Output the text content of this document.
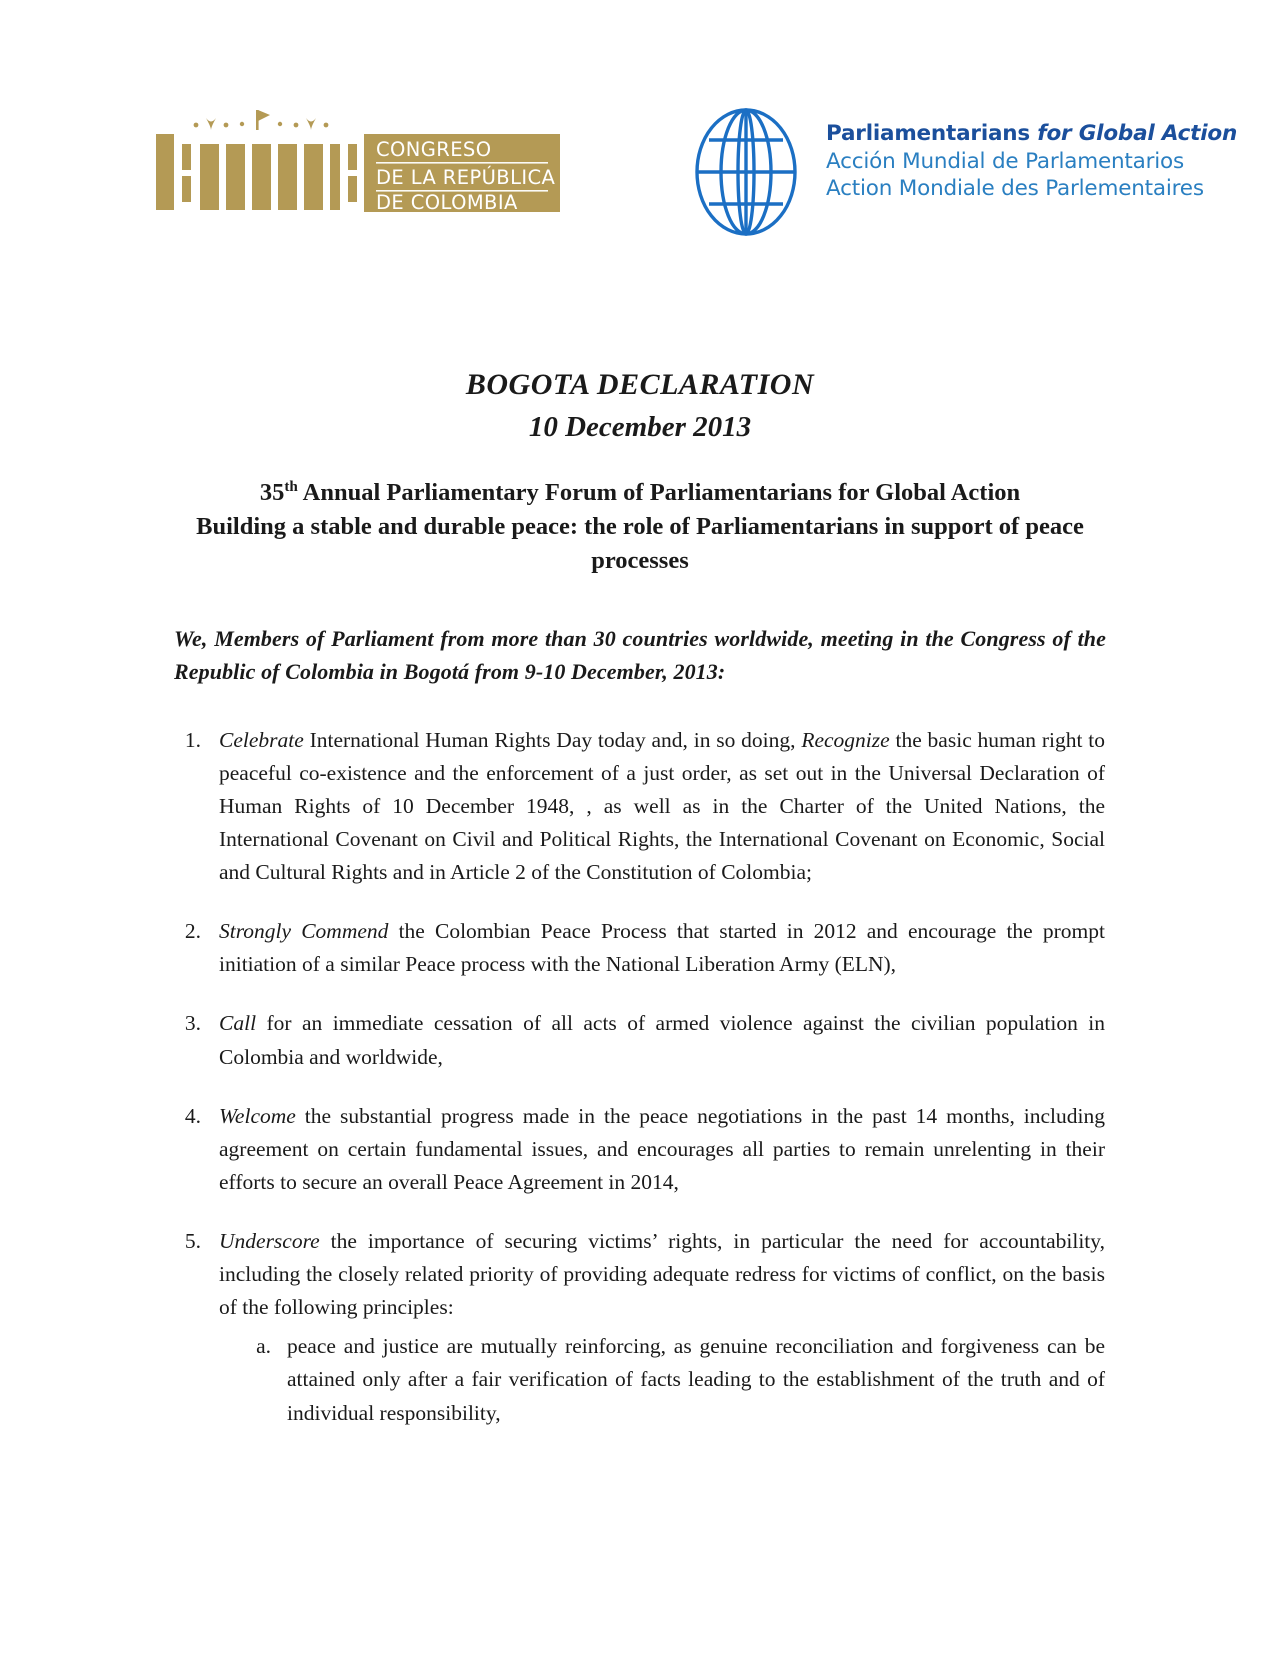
CONGRESO
DE LA REPÚBLICA
DE COLOMBIA
Parliamentarians for Global Action
Acción Mundial de Parlamentarios
Action Mondiale des Parlementaires
BOGOTA DECLARATION
10 December 2013
35th Annual Parliamentary Forum of Parliamentarians for Global Action
Building a stable and durable peace: the role of Parliamentarians in support of peace processes

We, Members of Parliament from more than 30 countries worldwide, meeting in the Congress of the Republic of Colombia in Bogotá from 9-10 December, 2013:

1. Celebrate International Human Rights Day today and, in so doing, Recognize the basic human right to peaceful co-existence and the enforcement of a just order, as set out in the Universal Declaration of Human Rights of 10 December 1948, , as well as in the Charter of the United Nations, the International Covenant on Civil and Political Rights, the International Covenant on Economic, Social and Cultural Rights and in Article 2 of the Constitution of Colombia;
2. Strongly Commend the Colombian Peace Process that started in 2012 and encourage the prompt initiation of a similar Peace process with the National Liberation Army (ELN),
3. Call for an immediate cessation of all acts of armed violence against the civilian population in Colombia and worldwide,
4. Welcome the substantial progress made in the peace negotiations in the past 14 months, including agreement on certain fundamental issues, and encourages all parties to remain unrelenting in their efforts to secure an overall Peace Agreement in 2014,
5. Underscore the importance of securing victims’ rights, in particular the need for accountability, including the closely related priority of providing adequate redress for victims of conflict, on the basis of the following principles:
a. peace and justice are mutually reinforcing, as genuine reconciliation and forgiveness can be attained only after a fair verification of facts leading to the establishment of the truth and of individual responsibility,
